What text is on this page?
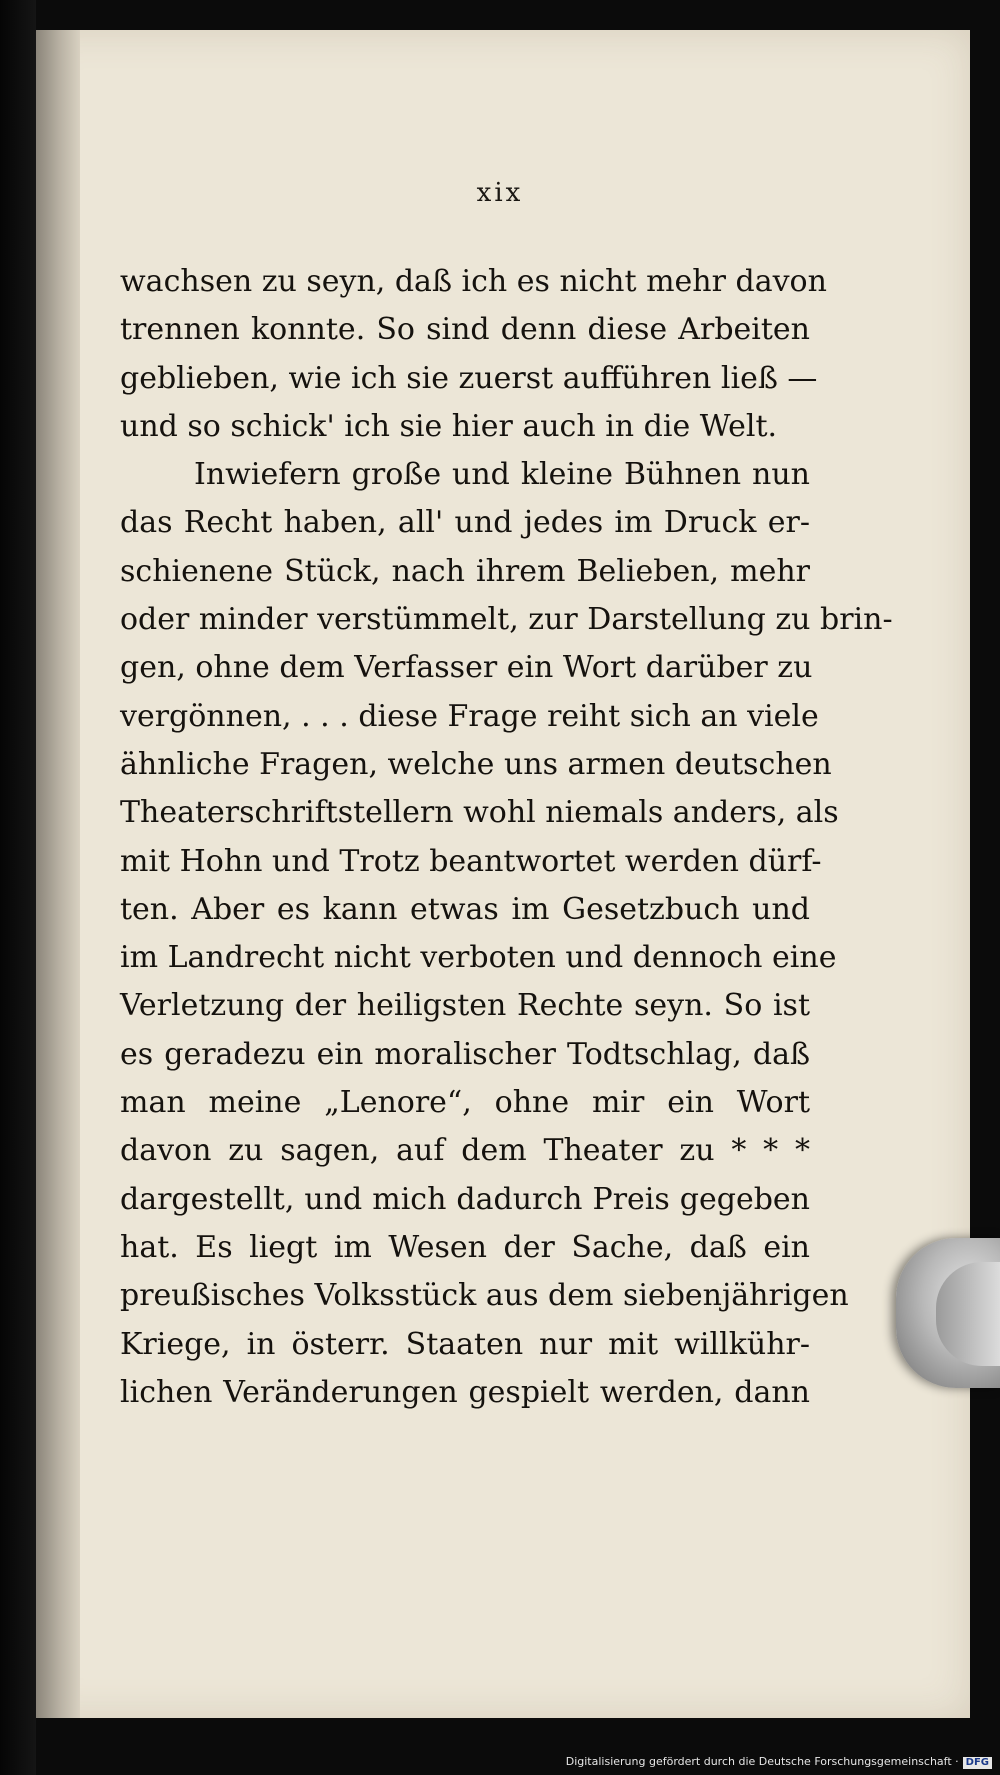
xix
wachsen zu seyn, daß ich es nicht mehr davon
trennen konnte. So sind denn diese Arbeiten
geblieben, wie ich sie zuerst aufführen ließ —
und so schick' ich sie hier auch in die Welt.
Inwiefern große und kleine Bühnen nun
das Recht haben, all' und jedes im Druck er-
schienene Stück, nach ihrem Belieben, mehr
oder minder verstümmelt, zur Darstellung zu brin-
gen, ohne dem Verfasser ein Wort darüber zu
vergönnen, . . . diese Frage reiht sich an viele
ähnliche Fragen, welche uns armen deutschen
Theaterschriftstellern wohl niemals anders, als
mit Hohn und Trotz beantwortet werden dürf-
ten. Aber es kann etwas im Gesetzbuch und
im Landrecht nicht verboten und dennoch eine
Verletzung der heiligsten Rechte seyn. So ist
es geradezu ein moralischer Todtschlag, daß
man meine „Lenore“, ohne mir ein Wort
davon zu sagen, auf dem Theater zu * * *
dargestellt, und mich dadurch Preis gegeben
hat. Es liegt im Wesen der Sache, daß ein
preußisches Volksstück aus dem siebenjährigen
Kriege, in österr. Staaten nur mit willkühr-
lichen Veränderungen gespielt werden, dann
Digitalisierung gefördert durch die Deutsche Forschungsgemeinschaft · DFG
